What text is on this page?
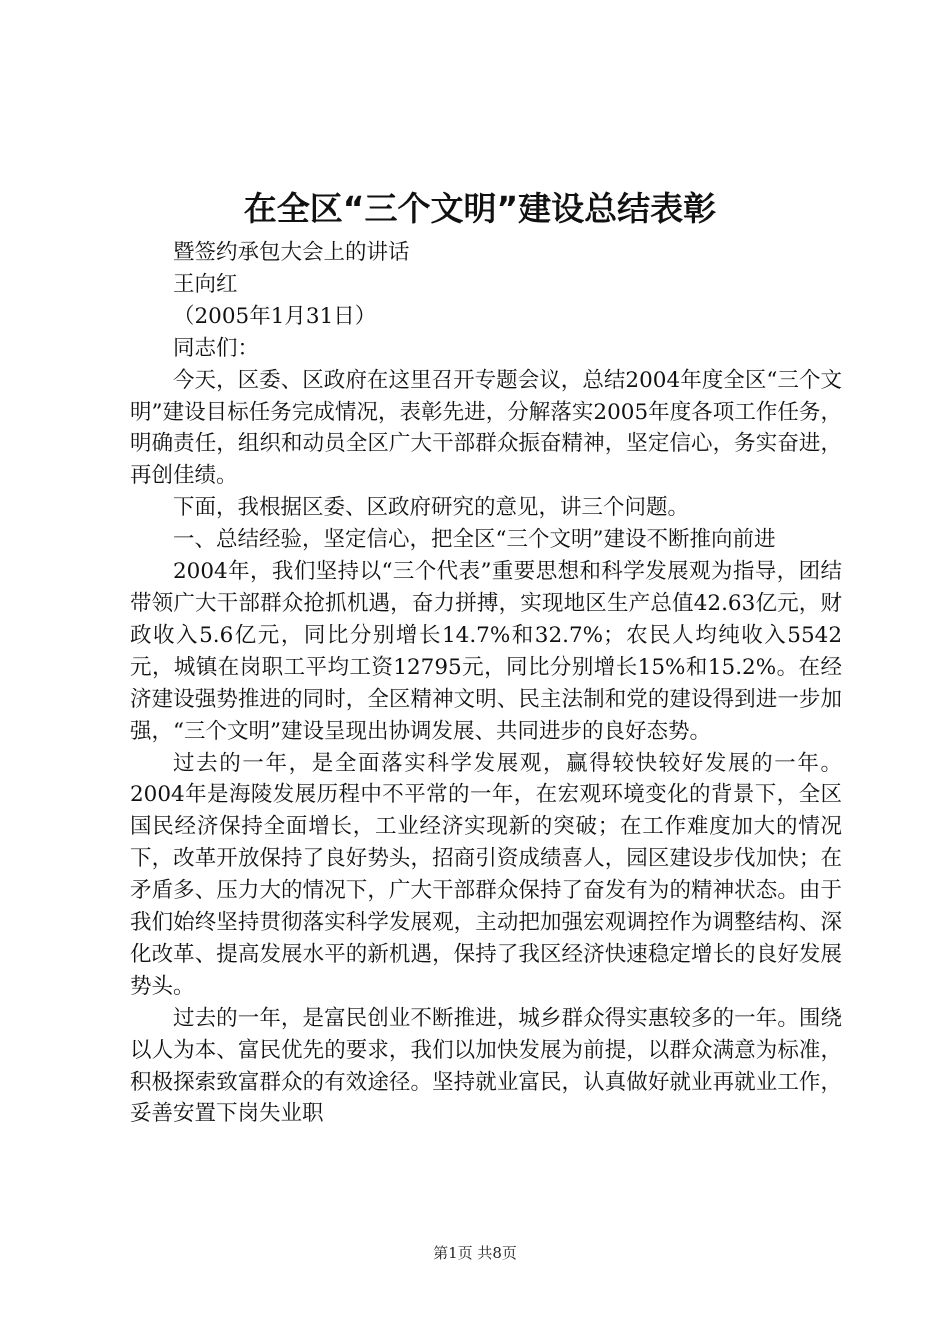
在全区“三个文明”建设总结表彰

暨签约承包大会上的讲话

王向红

（2005年1月31日）

同志们：

今天，区委、区政府在这里召开专题会议，总结2004年度全区“三个文明”建设目标任务完成情况，表彰先进，分解落实2005年度各项工作任务，明确责任，组织和动员全区广大干部群众振奋精神，坚定信心，务实奋进，再创佳绩。

下面，我根据区委、区政府研究的意见，讲三个问题。

一、总结经验，坚定信心，把全区“三个文明”建设不断推向前进

2004年，我们坚持以“三个代表”重要思想和科学发展观为指导，团结带领广大干部群众抢抓机遇，奋力拼搏，实现地区生产总值42.63亿元，财政收入5.6亿元，同比分别增长14.7%和32.7%；农民人均纯收入5542元，城镇在岗职工平均工资12795元，同比分别增长15%和15.2%。在经济建设强势推进的同时，全区精神文明、民主法制和党的建设得到进一步加强，“三个文明”建设呈现出协调发展、共同进步的良好态势。

过去的一年，是全面落实科学发展观，赢得较快较好发展的一年。2004年是海陵发展历程中不平常的一年，在宏观环境变化的背景下，全区国民经济保持全面增长，工业经济实现新的突破；在工作难度加大的情况下，改革开放保持了良好势头，招商引资成绩喜人，园区建设步伐加快；在矛盾多、压力大的情况下，广大干部群众保持了奋发有为的精神状态。由于我们始终坚持贯彻落实科学发展观，主动把加强宏观调控作为调整结构、深化改革、提高发展水平的新机遇，保持了我区经济快速稳定增长的良好发展势头。

过去的一年，是富民创业不断推进，城乡群众得实惠较多的一年。围绕以人为本、富民优先的要求，我们以加快发展为前提，以群众满意为标准，积极探索致富群众的有效途径。坚持就业富民，认真做好就业再就业工作，妥善安置下岗失业职

第1页 共8页
